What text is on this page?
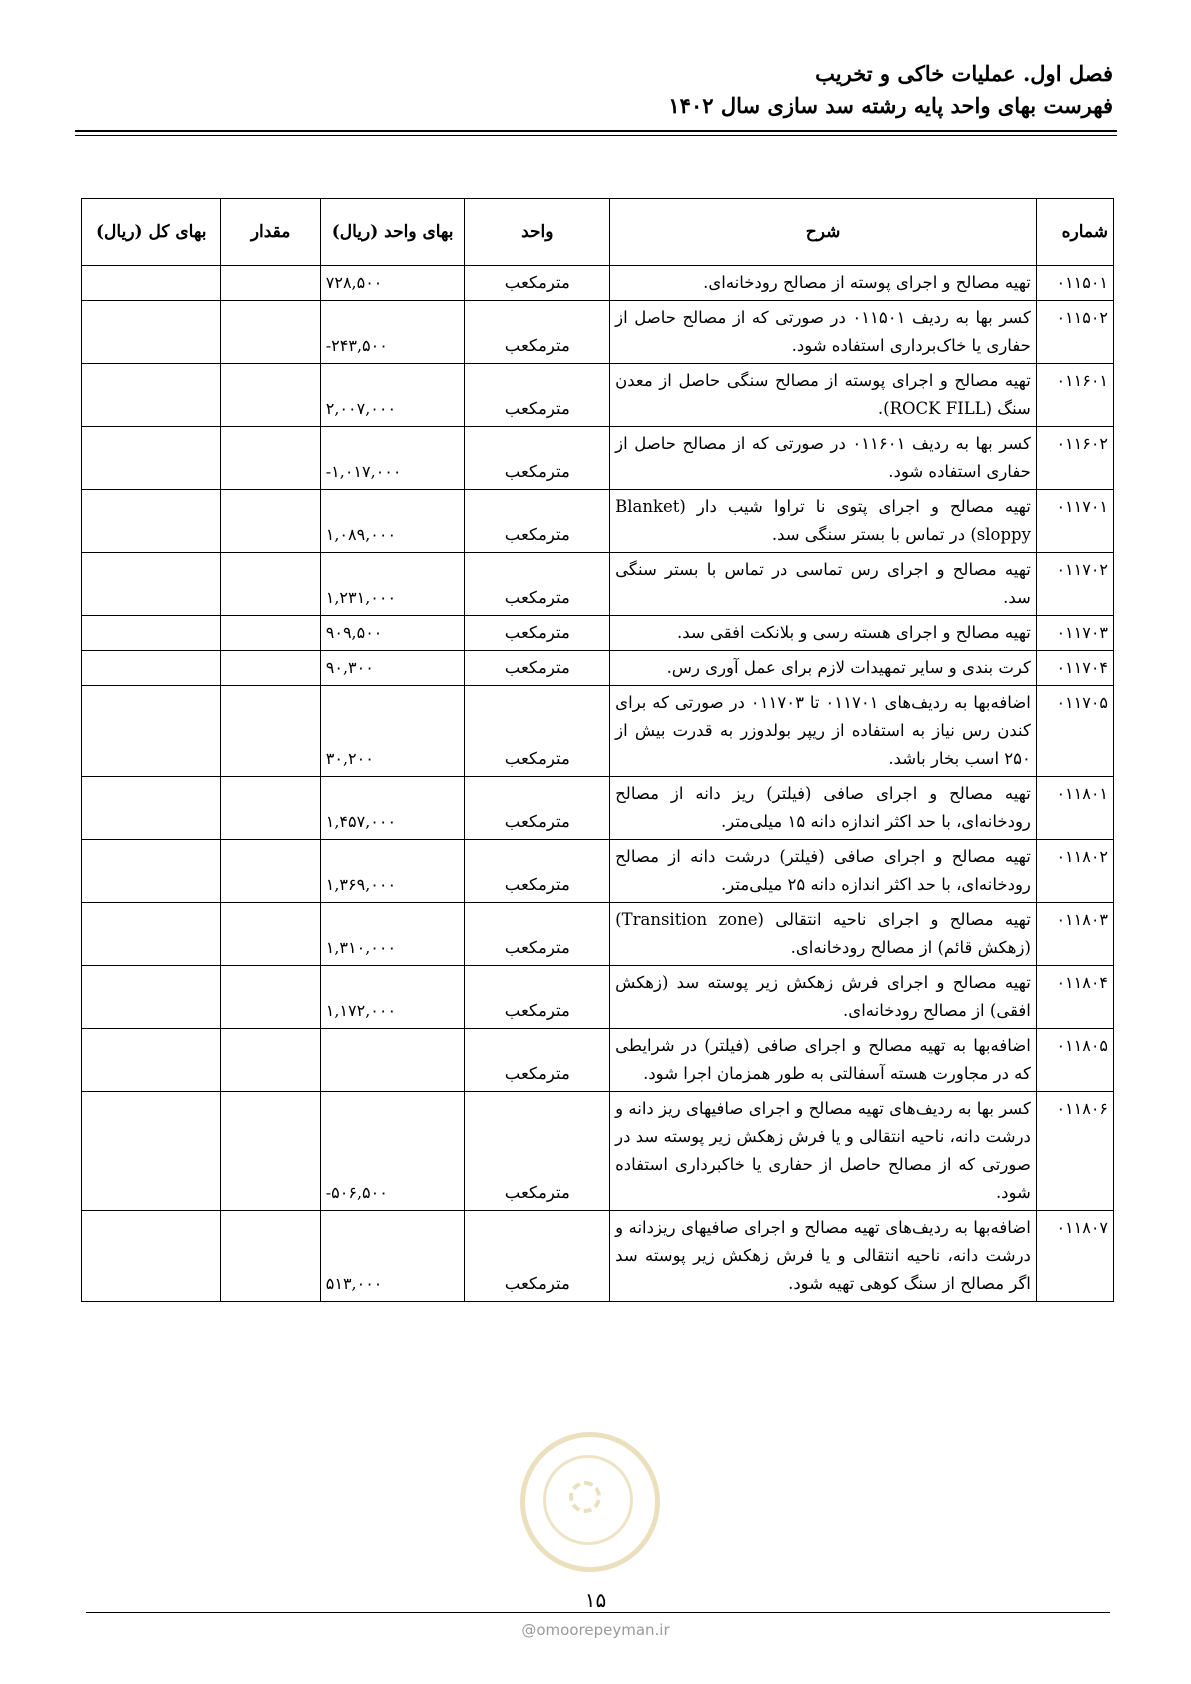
فصل اول. عملیات خاکی و تخریب
فهرست بهای واحد پایه رشته سد سازی سال ۱۴۰۲
شماره	شرح	واحد	بهای واحد (ریال)	مقدار	بهای کل (ریال)
۰۱۱۵۰۱	تهیه مصالح و اجرای پوسته از مصالح رودخانه‌ای.	مترمکعب	۷۲۸,۵۰۰		
۰۱۱۵۰۲	کسر بها به ردیف ۰۱۱۵۰۱ در صورتی که از مصالح حاصل از حفاری یا خاک‌برداری استفاده شود.	مترمکعب	-۲۴۳,۵۰۰		
۰۱۱۶۰۱	تهیه مصالح و اجرای پوسته از مصالح سنگی حاصل از معدن سنگ (ROCK FILL).	مترمکعب	۲,۰۰۷,۰۰۰		
۰۱۱۶۰۲	کسر بها به ردیف ۰۱۱۶۰۱ در صورتی که از مصالح حاصل از حفاری استفاده شود.	مترمکعب	-۱,۰۱۷,۰۰۰		
۰۱۱۷۰۱	تهیه مصالح و اجرای پتوی نا تراوا شیب دار (Blanket sloppy) در تماس با بستر سنگی سد.	مترمکعب	۱,۰۸۹,۰۰۰		
۰۱۱۷۰۲	تهیه مصالح و اجرای رس تماسی در تماس با بستر سنگی سد.	مترمکعب	۱,۲۳۱,۰۰۰		
۰۱۱۷۰۳	تهیه مصالح و اجرای هسته رسی و بلانکت افقی سد.	مترمکعب	۹۰۹,۵۰۰		
۰۱۱۷۰۴	کرت بندی و سایر تمهیدات لازم برای عمل آوری رس.	مترمکعب	۹۰,۳۰۰		
۰۱۱۷۰۵	اضافه‌بها به ردیف‌های ۰۱۱۷۰۱ تا ۰۱۱۷۰۳ در صورتی که برای کندن رس نیاز به استفاده از ریپر بولدوزر به قدرت بیش از ۲۵۰ اسب بخار باشد.	مترمکعب	۳۰,۲۰۰		
۰۱۱۸۰۱	تهیه مصالح و اجرای صافی (فیلتر) ریز دانه از مصالح رودخانه‌ای، با حد اکثر اندازه دانه ۱۵ میلی‌متر.	مترمکعب	۱,۴۵۷,۰۰۰		
۰۱۱۸۰۲	تهیه مصالح و اجرای صافی (فیلتر) درشت دانه از مصالح رودخانه‌ای، با حد اکثر اندازه دانه ۲۵ میلی‌متر.	مترمکعب	۱,۳۶۹,۰۰۰		
۰۱۱۸۰۳	تهیه مصالح و اجرای ناحیه انتقالی (Transition zone) (زهکش قائم) از مصالح رودخانه‌ای.	مترمکعب	۱,۳۱۰,۰۰۰		
۰۱۱۸۰۴	تهیه مصالح و اجرای فرش زهکش زیر پوسته سد (زهکش افقی) از مصالح رودخانه‌ای.	مترمکعب	۱,۱۷۲,۰۰۰		
۰۱۱۸۰۵	اضافه‌بها به تهیه مصالح و اجرای صافی (فیلتر) در شرایطی که در مجاورت هسته آسفالتی به طور همزمان اجرا شود.	مترمکعب			
۰۱۱۸۰۶	کسر بها به ردیف‌های تهیه مصالح و اجرای صافیهای ریز دانه و درشت دانه، ناحیه انتقالی و یا فرش زهکش زیر پوسته سد در صورتی که از مصالح حاصل از حفاری یا خاکبرداری استفاده شود.	مترمکعب	-۵۰۶,۵۰۰		
۰۱۱۸۰۷	اضافه‌بها به ردیف‌های تهیه مصالح و اجرای صافیهای ریزدانه و درشت دانه، ناحیه انتقالی و یا فرش زهکش زیر پوسته سد اگر مصالح از سنگ کوهی تهیه شود.	مترمکعب	۵۱۳,۰۰۰		
۱۵
@omoorepeyman.ir
